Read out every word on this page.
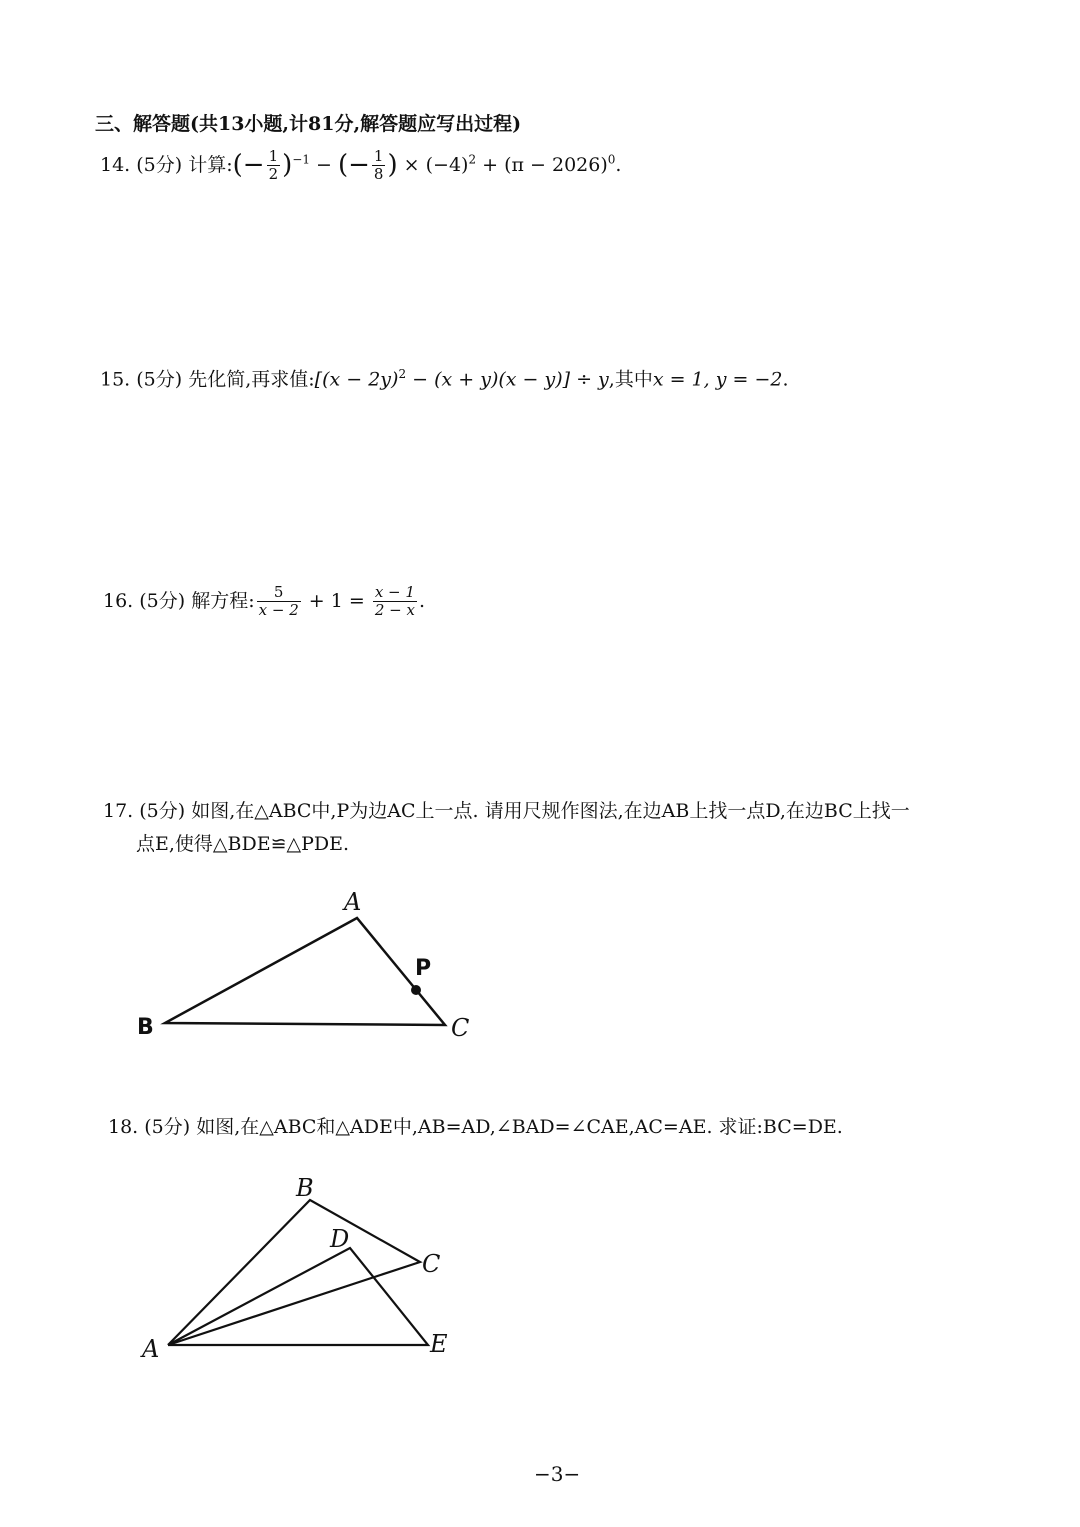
三、解答题(共13小题,计81分,解答题应写出过程)
14. (5分) 计算:(− $\frac{1}{2} )^{-1}$ − (− $\frac{1}{8}$ ) × $(-4)^2 + (\pi - 2026)^0$.
15. (5分) 先化简,再求值:[(x − 2y)$^2$ − (x + y)(x − y)] ÷ y,其中x = 1, y = −2.
16. (5分) 解方程: $\frac{5}{x - 2} + 1 = \frac{x - 1}{2 - x}$ .
17. (5分) 如图,在△ABC中,P为边AC上一点. 请用尺规作图法,在边AB上找一点D,在边BC上找一
点E,使得△BDE≌△PDE.
A
P
B	C
18. (5分) 如图,在△ABC和△ADE中,AB=AD,∠BAD=∠CAE,AC=AE. 求证:BC=DE.
B
D
C
A	E
−3−
